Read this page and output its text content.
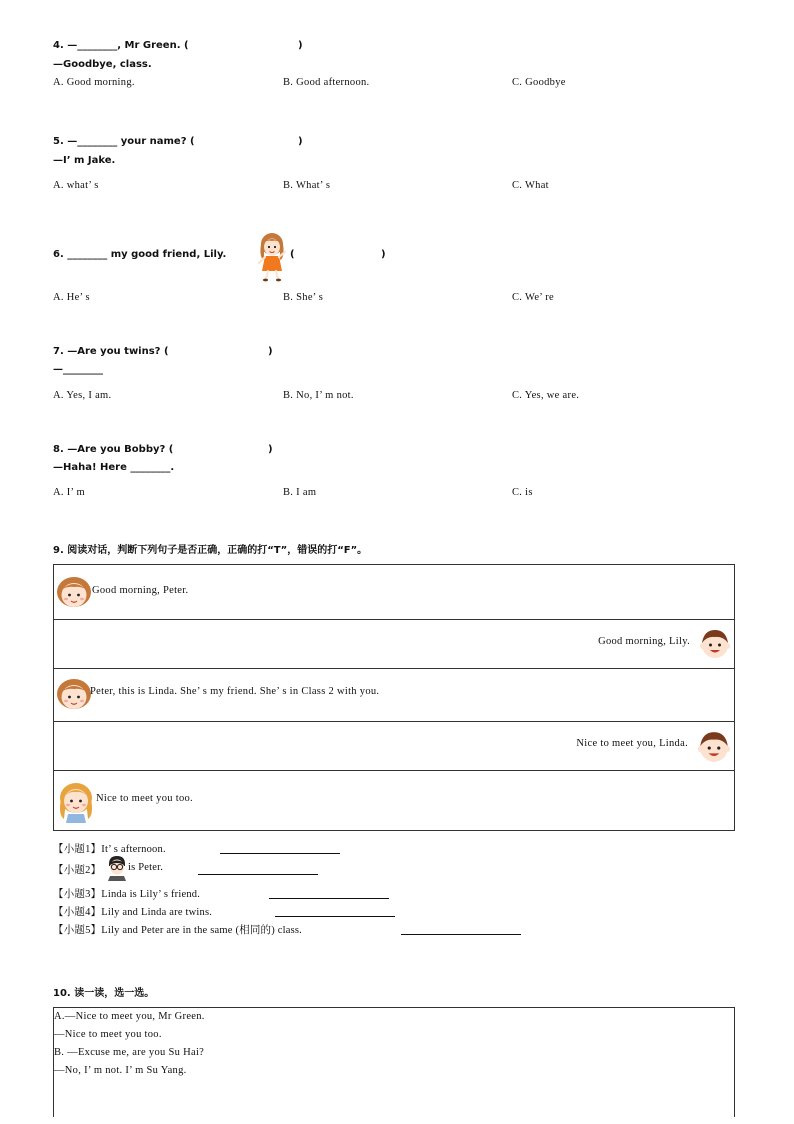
4. —________, Mr Green. (	)
—Goodbye, class.
A. Good morning.	B. Good afternoon.	C. Goodbye
5. —________ your name? (	)
—I’ m Jake.
A. what’ s	B. What’ s	C. What
6. ________ my good friend, Lily.	(	)
A. He’ s	B. She’ s	C. We’ re
7. —Are you twins? (	)
—________
A. Yes, I am.	B. No, I’ m not.	C. Yes, we are.
8. —Are you Bobby? (	)
—Haha! Here ________.
A. I’ m	B. I am	C. is
9. 阅读对话，判断下列句子是否正确，正确的打“T”，错误的打“F”。
Good morning, Peter.
Good morning, Lily.
Peter, this is Linda. She’ s my friend. She’ s in Class 2 with you.
Nice to meet you, Linda.
Nice to meet you too.
【小题1】It’ s afternoon.
【小题2】	is Peter.
【小题3】Linda is Lily’ s friend.
【小题4】Lily and Linda are twins.
【小题5】Lily and Peter are in the same (相同的) class.
10. 读一读，选一选。
A.—Nice to meet you, Mr Green.
—Nice to meet you too.
B. —Excuse me, are you Su Hai?
—No, I’ m not. I’ m Su Yang.
